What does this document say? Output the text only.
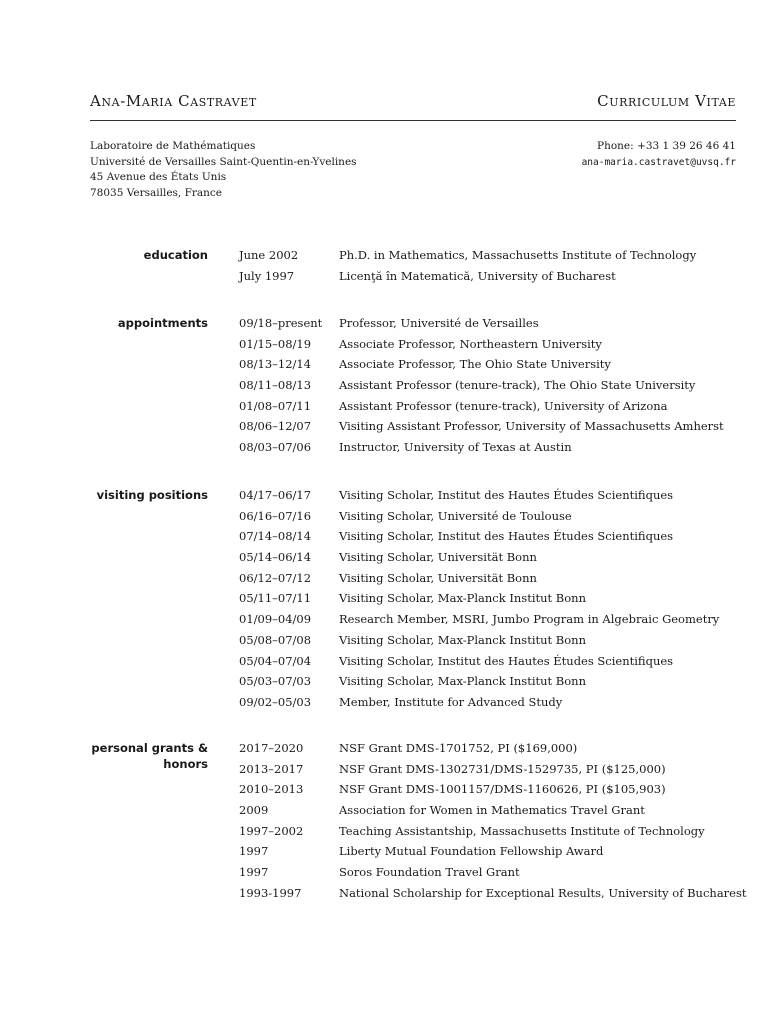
Ana-Maria Castravet	Curriculum Vitae
Laboratoire de Mathématiques
Université de Versailles Saint-Quentin-en-Yvelines
45 Avenue des États Unis
78035 Versailles, France
Phone: +33 1 39 26 46 41
ana-maria.castravet@uvsq.fr
education	June 2002	Ph.D. in Mathematics, Massachusetts Institute of Technology
July 1997	Licenţă în Matematică, University of Bucharest
appointments	09/18–present	Professor, Université de Versailles
01/15–08/19	Associate Professor, Northeastern University
08/13–12/14	Associate Professor, The Ohio State University
08/11–08/13	Assistant Professor (tenure-track), The Ohio State University
01/08–07/11	Assistant Professor (tenure-track), University of Arizona
08/06–12/07	Visiting Assistant Professor, University of Massachusetts Amherst
08/03–07/06	Instructor, University of Texas at Austin
visiting positions	04/17–06/17	Visiting Scholar, Institut des Hautes Études Scientifiques
06/16–07/16	Visiting Scholar, Université de Toulouse
07/14–08/14	Visiting Scholar, Institut des Hautes Études Scientifiques
05/14–06/14	Visiting Scholar, Universität Bonn
06/12–07/12	Visiting Scholar, Universität Bonn
05/11–07/11	Visiting Scholar, Max-Planck Institut Bonn
01/09–04/09	Research Member, MSRI, Jumbo Program in Algebraic Geometry
05/08–07/08	Visiting Scholar, Max-Planck Institut Bonn
05/04–07/04	Visiting Scholar, Institut des Hautes Études Scientifiques
05/03–07/03	Visiting Scholar, Max-Planck Institut Bonn
09/02–05/03	Member, Institute for Advanced Study
personal grants &
honors
2017–2020	NSF Grant DMS-1701752, PI ($169,000)
2013–2017	NSF Grant DMS-1302731/DMS-1529735, PI ($125,000)
2010–2013	NSF Grant DMS-1001157/DMS-1160626, PI ($105,903)
2009	Association for Women in Mathematics Travel Grant
1997–2002	Teaching Assistantship, Massachusetts Institute of Technology
1997	Liberty Mutual Foundation Fellowship Award
1997	Soros Foundation Travel Grant
1993-1997	National Scholarship for Exceptional Results, University of Bucharest
